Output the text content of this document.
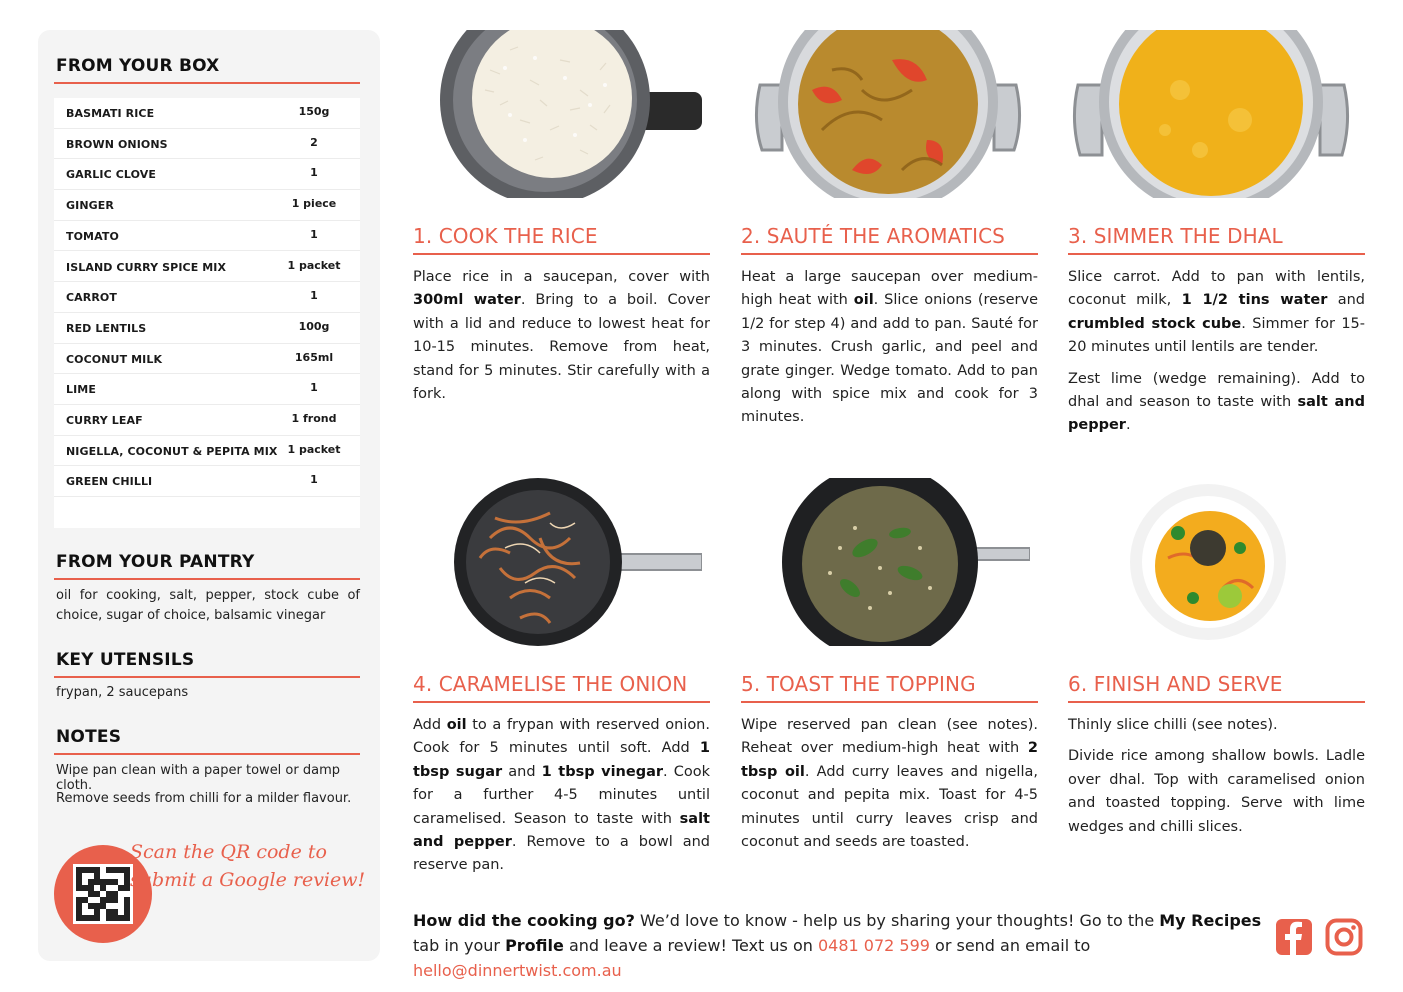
FROM YOUR BOX
BASMATI RICE	150g
BROWN ONIONS	2
GARLIC CLOVE	1
GINGER	1 piece
TOMATO	1
ISLAND CURRY SPICE MIX	1 packet
CARROT	1
RED LENTILS	100g
COCONUT MILK	165ml
LIME	1
CURRY LEAF	1 frond
NIGELLA, COCONUT & PEPITA MIX 1 packet
GREEN CHILLI	1
FROM YOUR PANTRY
oil for cooking, salt, pepper, stock cube of choice, sugar of choice, balsamic vinegar
KEY UTENSILS
frypan, 2 saucepans
NOTES
Wipe pan clean with a paper towel or damp cloth.
Remove seeds from chilli for a milder flavour.
Scan the QR code to
submit a Google review!
1. COOK THE RICE

Place rice in a saucepan, cover with 300ml water. Bring to a boil. Cover with a lid and reduce to lowest heat for 10-15 minutes. Remove from heat, stand for 5 minutes. Stir carefully with a fork.

2. SAUTÉ THE AROMATICS

Heat a large saucepan over medium-high heat with oil. Slice onions (reserve 1/2 for step 4) and add to pan. Sauté for 3 minutes. Crush garlic, and peel and grate ginger. Wedge tomato. Add to pan along with spice mix and cook for 3 minutes.

3. SIMMER THE DHAL

Slice carrot. Add to pan with lentils, coconut milk, 1 1/2 tins water and crumbled stock cube. Simmer for 15-20 minutes until lentils are tender.

Zest lime (wedge remaining). Add to dhal and season to taste with salt and pepper.

4. CARAMELISE THE ONION

Add oil to a frypan with reserved onion. Cook for 5 minutes until soft. Add 1 tbsp sugar and 1 tbsp vinegar. Cook for a further 4-5 minutes until caramelised. Season to taste with salt and pepper. Remove to a bowl and reserve pan.

5. TOAST THE TOPPING

Wipe reserved pan clean (see notes). Reheat over medium-high heat with 2 tbsp oil. Add curry leaves and nigella, coconut and pepita mix. Toast for 4-5 minutes until curry leaves crisp and coconut and seeds are toasted.

6. FINISH AND SERVE

Thinly slice chilli (see notes).

Divide rice among shallow bowls. Ladle over dhal. Top with caramelised onion and toasted topping. Serve with lime wedges and chilli slices.

How did the cooking go? We’d love to know - help us by sharing your thoughts! Go to the My Recipes tab in your Profile and leave a review! Text us on 0481 072 599 or send an email to hello@dinnertwist.com.au
